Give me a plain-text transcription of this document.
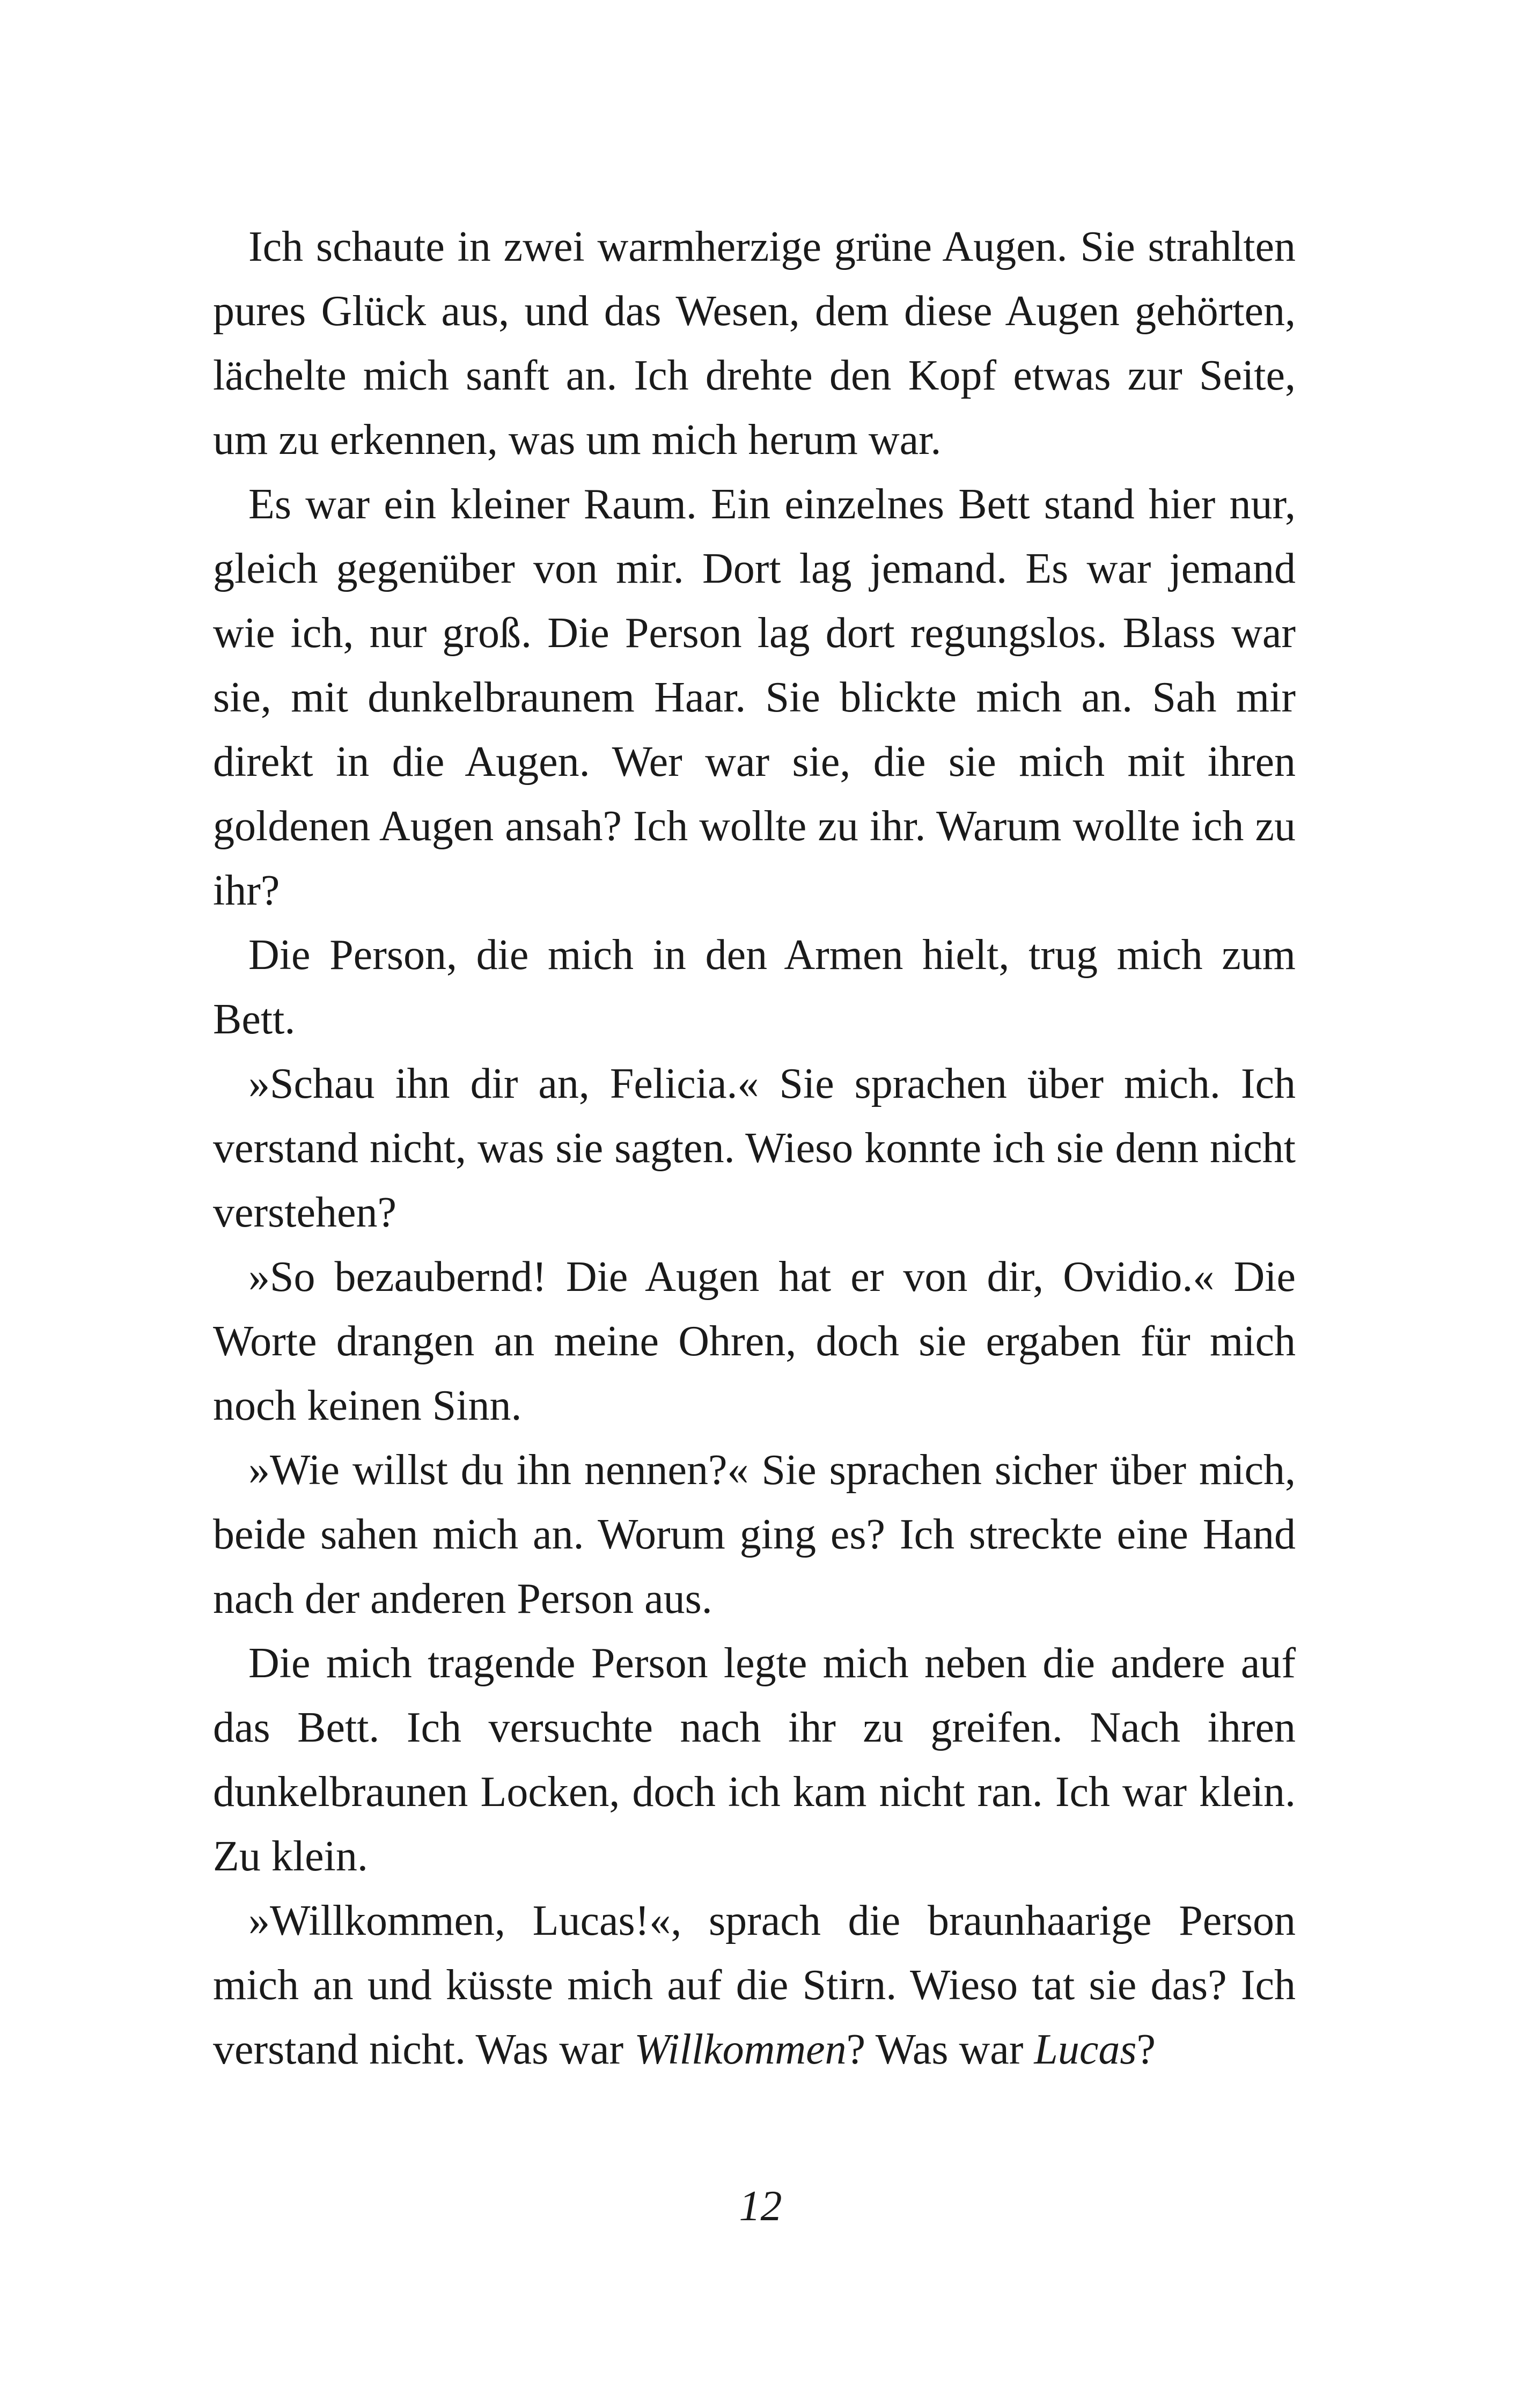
Ich schaute in zwei warmherzige grüne Augen. Sie strahlten pures Glück aus, und das Wesen, dem diese Augen gehörten, lächelte mich sanft an. Ich drehte den Kopf etwas zur Seite, um zu erkennen, was um mich herum war.

Es war ein kleiner Raum. Ein einzelnes Bett stand hier nur, gleich gegenüber von mir. Dort lag jemand. Es war jemand wie ich, nur groß. Die Person lag dort regungslos. Blass war sie, mit dunkelbraunem Haar. Sie blickte mich an. Sah mir direkt in die Augen. Wer war sie, die sie mich mit ihren goldenen Augen ansah? Ich wollte zu ihr. Warum wollte ich zu ihr?

Die Person, die mich in den Armen hielt, trug mich zum Bett.

»Schau ihn dir an, Felicia.« Sie sprachen über mich. Ich verstand nicht, was sie sagten. Wieso konnte ich sie denn nicht verstehen?

»So bezaubernd! Die Augen hat er von dir, Ovidio.« Die Worte drangen an meine Ohren, doch sie ergaben für mich noch keinen Sinn.

»Wie willst du ihn nennen?« Sie sprachen sicher über mich, beide sahen mich an. Worum ging es? Ich streckte eine Hand nach der anderen Person aus.

Die mich tragende Person legte mich neben die andere auf das Bett. Ich versuchte nach ihr zu greifen. Nach ihren dunkelbraunen Locken, doch ich kam nicht ran. Ich war klein. Zu klein.

»Willkommen, Lucas!«, sprach die braunhaarige Person mich an und küsste mich auf die Stirn. Wieso tat sie das? Ich verstand nicht. Was war Willkommen? Was war Lucas?

12
